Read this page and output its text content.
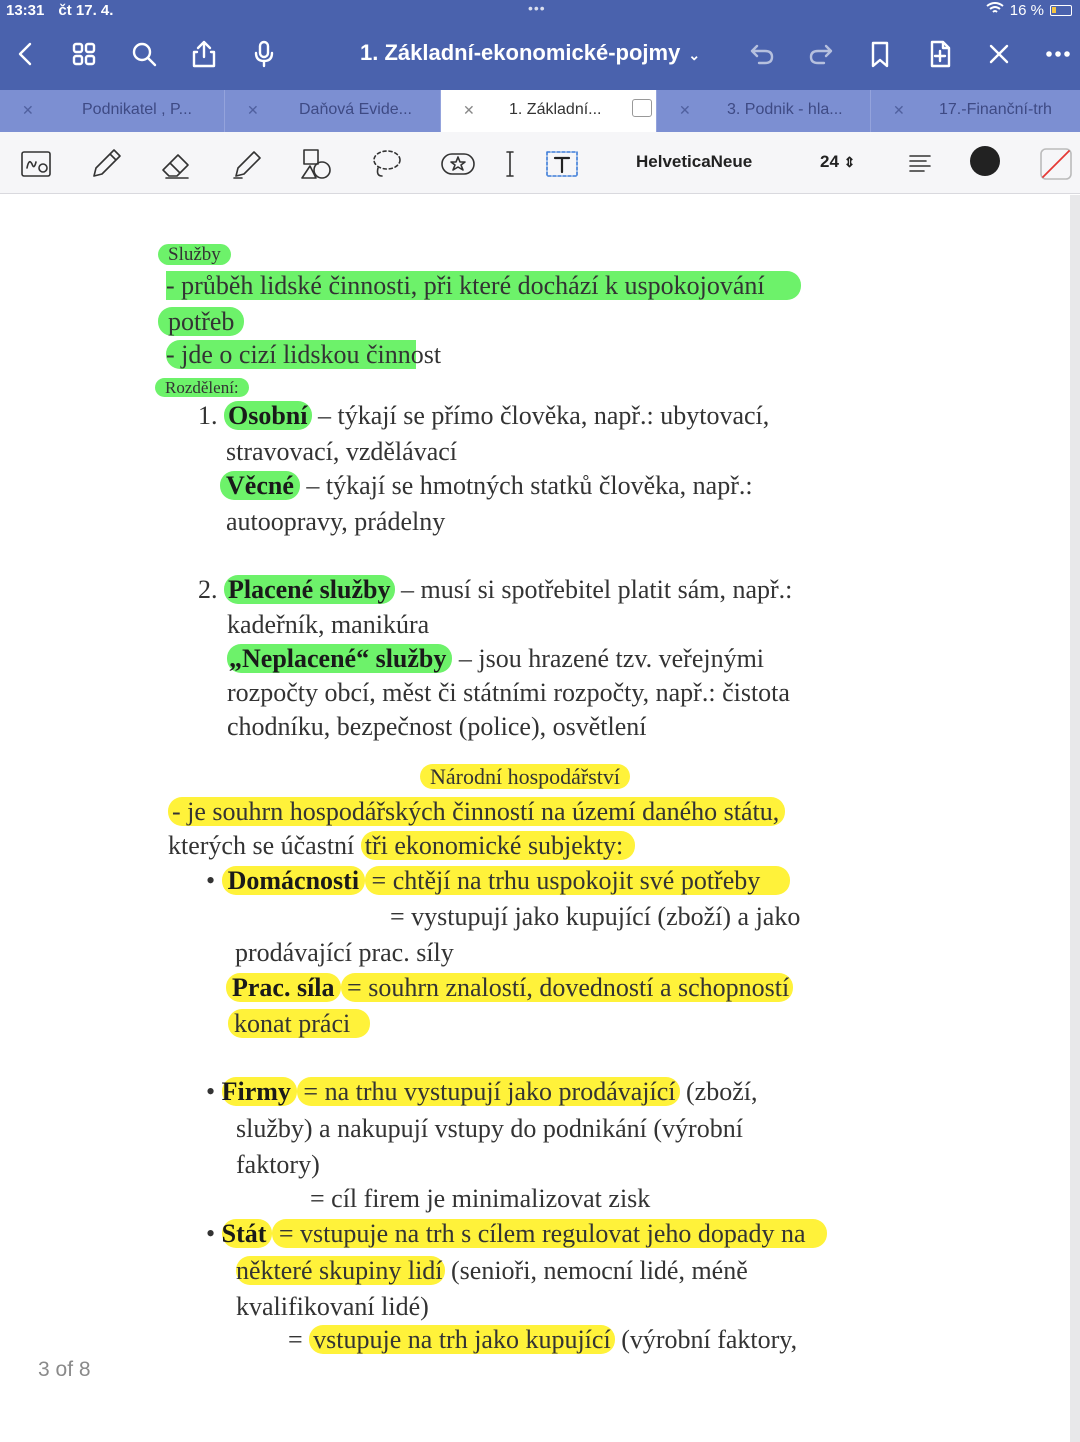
13:31 čt 17. 4.	•••	16 %
1. Základní-ekonomické-pojmy ⌄
✕	Podnikatel , P...	✕	Daňová Evide...	✕ 1. Základní...	✕ 3. Podnik - hla...	✕ 17.-Finanční-trh
HelveticaNeue	24 ⇕
Služby
- průběh lidské činnosti, při které dochází k uspokojování
potřeb
- jde o cizí lidskou činnost
Rozdělení:
1. Osobní – týkají se přímo člověka, např.: ubytovací,
stravovací, vzdělávací
Věcné – týkají se hmotných statků člověka, např.:
autoopravy, prádelny
2. Placené služby – musí si spotřebitel platit sám, např.:
kadeřník, manikúra
„Neplacené“ služby – jsou hrazené tzv. veřejnými
rozpočty obcí, měst či státními rozpočty, např.: čistota
chodníku, bezpečnost (police), osvětlení
Národní hospodářství
- je souhrn hospodářských činností na území daného státu,
kterých se účastní tři ekonomické subjekty:
• Domácnosti = chtějí na trhu uspokojit své potřeby
= vystupují jako kupující (zboží) a jako
prodávající prac. síly
Prac. síla = souhrn znalostí, dovedností a schopností
konat práci
• Firmy = na trhu vystupují jako prodávající (zboží,
služby) a nakupují vstupy do podnikání (výrobní
faktory)
= cíl firem je minimalizovat zisk
• Stát = vstupuje na trh s cílem regulovat jeho dopady na
některé skupiny lidí (senioři, nemocní lidé, méně
kvalifikovaní lidé)
= vstupuje na trh jako kupující (výrobní faktory,
3 of 8
